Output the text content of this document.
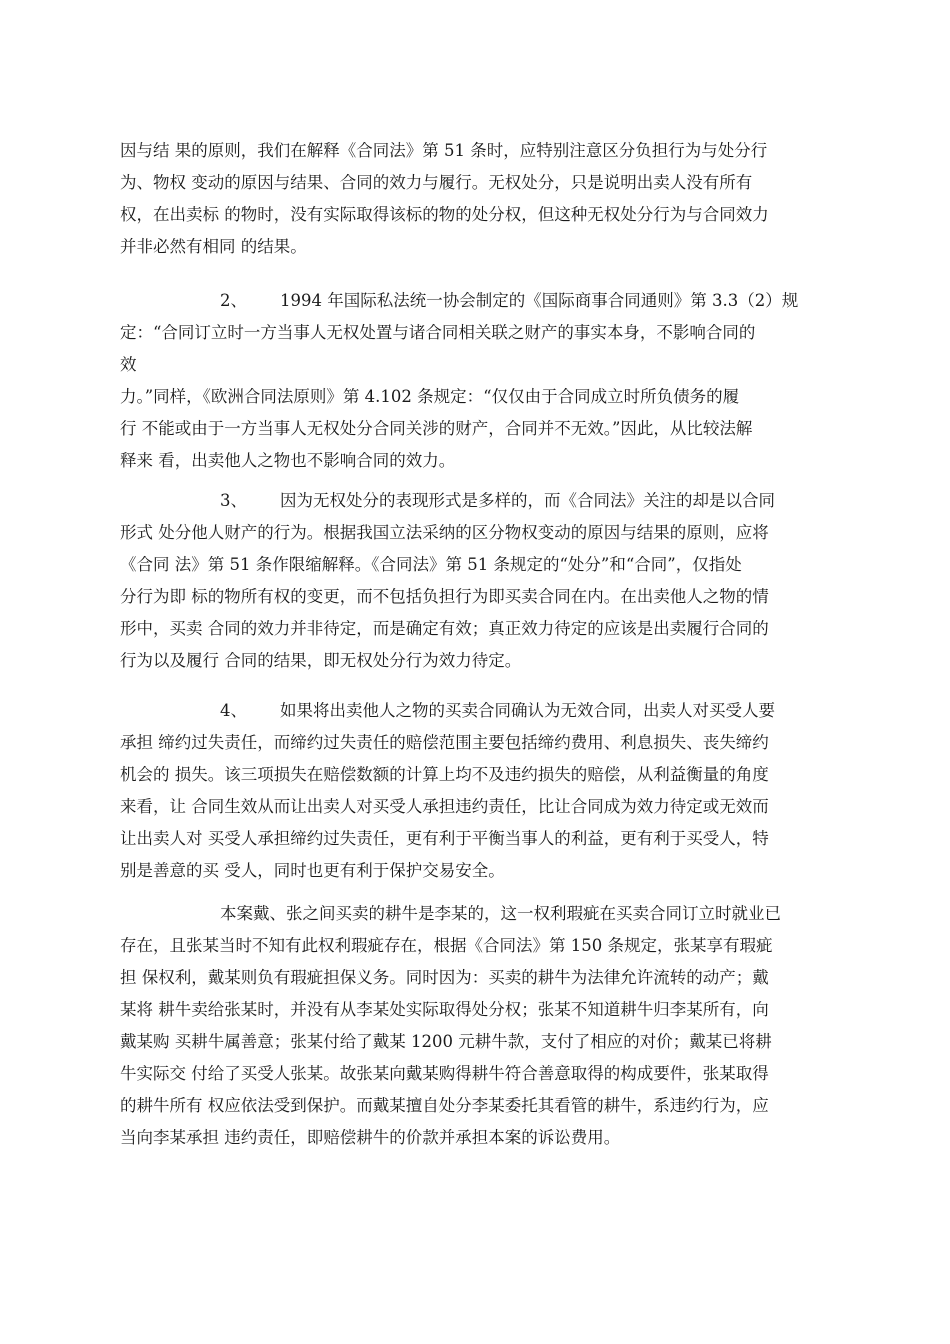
因与结 果的原则，我们在解释《合同法》第 51 条时，应特别注意区分负担行为与处分行
为、物权 变动的原因与结果、合同的效力与履行。无权处分，只是说明出卖人没有所有
权，在出卖标 的物时，没有实际取得该标的物的处分权，但这种无权处分行为与合同效力
并非必然有相同 的结果。
2、 1994 年国际私法统一协会制定的《国际商事合同通则》第 3.3（2）规
定：“合同订立时一方当事人无权处置与诸合同相关联之财产的事实本身，不影响合同的
效
力。”同样，《欧洲合同法原则》第 4.102 条规定：“仅仅由于合同成立时所负债务的履
行 不能或由于一方当事人无权处分合同关涉的财产，合同并不无效。”因此，从比较法解
释来 看，出卖他人之物也不影响合同的效力。
3、 因为无权处分的表现形式是多样的，而《合同法》关注的却是以合同
形式 处分他人财产的行为。根据我国立法采纳的区分物权变动的原因与结果的原则，应将
《合同 法》第 51 条作限缩解释。《合同法》第 51 条规定的“处分”和“合同”，仅指处
分行为即 标的物所有权的变更，而不包括负担行为即买卖合同在内。在出卖他人之物的情
形中，买卖 合同的效力并非待定，而是确定有效；真正效力待定的应该是出卖履行合同的
行为以及履行 合同的结果，即无权处分行为效力待定。
4、 如果将出卖他人之物的买卖合同确认为无效合同，出卖人对买受人要
承担 缔约过失责任，而缔约过失责任的赔偿范围主要包括缔约费用、利息损失、丧失缔约
机会的 损失。该三项损失在赔偿数额的计算上均不及违约损失的赔偿，从利益衡量的角度
来看，让 合同生效从而让出卖人对买受人承担违约责任，比让合同成为效力待定或无效而
让出卖人对 买受人承担缔约过失责任，更有利于平衡当事人的利益，更有利于买受人，特
别是善意的买 受人，同时也更有利于保护交易安全。
本案戴、张之间买卖的耕牛是李某的，这一权利瑕疵在买卖合同订立时就业已
存在，且张某当时不知有此权利瑕疵存在，根据《合同法》第 150 条规定，张某享有瑕疵
担 保权利，戴某则负有瑕疵担保义务。同时因为：买卖的耕牛为法律允许流转的动产；戴
某将 耕牛卖给张某时，并没有从李某处实际取得处分权；张某不知道耕牛归李某所有，向
戴某购 买耕牛属善意；张某付给了戴某 1200 元耕牛款，支付了相应的对价；戴某已将耕
牛实际交 付给了买受人张某。故张某向戴某购得耕牛符合善意取得的构成要件，张某取得
的耕牛所有 权应依法受到保护。而戴某擅自处分李某委托其看管的耕牛，系违约行为，应
当向李某承担 违约责任，即赔偿耕牛的价款并承担本案的诉讼费用。
